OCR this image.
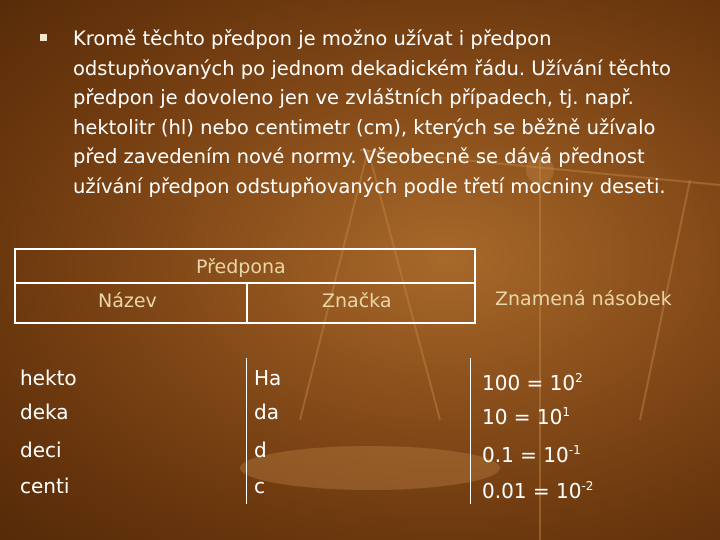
Kromě těchto předpon je možno užívat i předpon odstupňovaných po jednom dekadickém řádu. Užívání těchto předpon je dovoleno jen ve zvláštních případech, tj. např. hektolitr (hl) nebo centimetr (cm), kterých se běžně užívalo před zavedením nové normy. Všeobecně se dává přednost užívání předpon odstupňovaných podle třetí mocniny deseti.
Předpona
Název	Značka	Znamená násobek
hekto	Ha	$100 = 10^2$
deka	da	$10 = 10^1$
deci	d	$0.1 = 10^{-1}$
centi	c	$0.01 = 10^{-2}$
